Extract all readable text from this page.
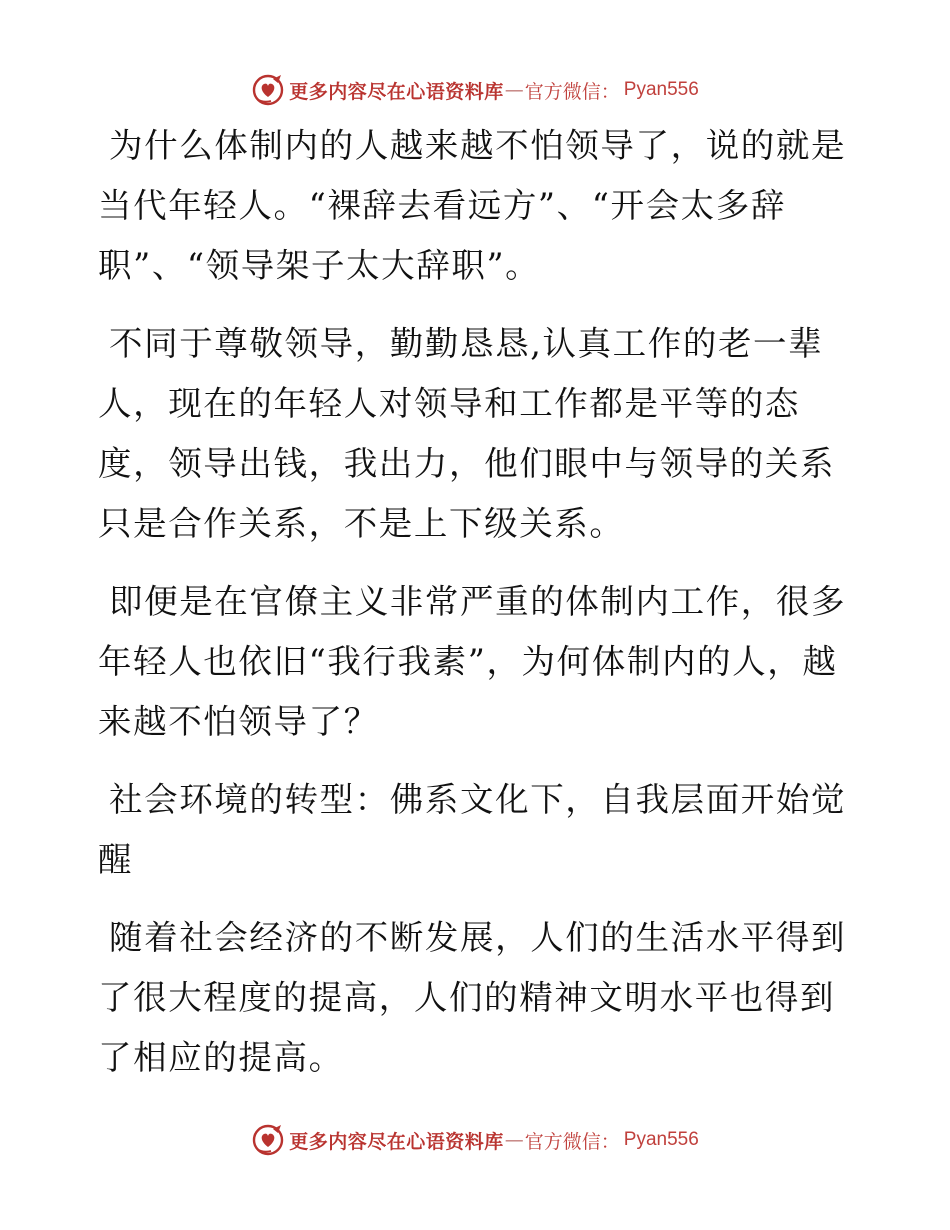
更多内容尽在心语资料库 — 官方微信 ： Pyan556

为什么体制内的人越来越不怕领导了，说的就是当代年轻人。“裸辞去看远方”、“开会太多辞职”、“领导架子太大辞职”。

不同于尊敬领导，勤勤恳恳,认真工作的老一辈人，现在的年轻人对领导和工作都是平等的态度，领导出钱，我出力，他们眼中与领导的关系只是合作关系，不是上下级关系。

即便是在官僚主义非常严重的体制内工作，很多年轻人也依旧“我行我素”，为何体制内的人，越来越不怕领导了？

社会环境的转型：佛系文化下，自我层面开始觉醒

随着社会经济的不断发展，人们的生活水平得到了很大程度的提高，人们的精神文明水平也得到了相应的提高。

更多内容尽在心语资料库 — 官方微信 ： Pyan556
